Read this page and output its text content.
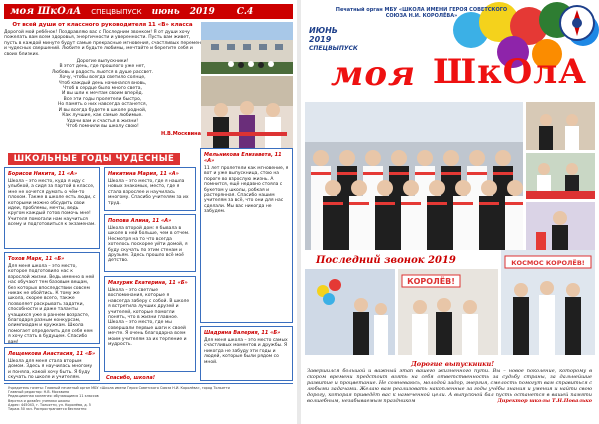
моя ШкОлА СПЕЦВЫПУСК июнь 2019 С.4
От всей души от классного руководителя 11 «В» класса

Дорогой мой ребёнок! Поздравляю вас с Последним звонком! Я от души хочу пожелать вам всем здоровья, энергичности и уверенности. Пусть вам живет, пусть в каждой минуте будут самые прекрасные мгновения, счастливых перемен и чудесных свершений. Любите и будьте любимы, мечтайте и берегите себя и своих близких.

Дорогие выпускники!
В этот день, где прошлого уже нет,
Любовь и радость льются в душе рассвет.
Хочу, чтобы всегда светило солнце,
Чтоб каждый день начинался вновь,
Чтоб в сердце было много света,
И вы шли к мечтам своим вперёд.
Все эти годы пролетели быстро,
Но память о них навсегда останется,
И вы всегда будете в школе родной,
Как лучшие, как самые любимые.
Удачи вам и счастья в жизни!
Чтоб помнили вы школу свою!
Н.В.Москвина
ШКОЛЬНЫЕ ГОДЫ ЧУДЕСНЫЕ
Борисов Никита, 11 «А»

Школа – это место, куда я иду с улыбкой, а сидя за партой в классе, мне не хочется думать о чём-то плохом. Также в школе есть люди, с которыми можно обсудить свои идеи, проблемы, мечты, ведь кругом каждый готов помочь мне! Учителя помогали нам научиться всему и подготовиться к экзаменам.

Тохов Марк, 11 «Б»

Для меня школа – это место, которое подготовило нас к взрослой жизни. Ведь именно в ней нас обучают тем базовым вещам, без которых впоследствии совсем никак не обойтись. К тому же школа, скорее всего, также позволяет раскрывать задатки, способности и даже таланты учащихся уже в раннем возрасте, благодаря разным конкурсам, олимпиадам и кружкам. Школа помогает определить для себя кем я хочу стать в будущем. Спасибо вам!

Лещенкова Анастасия, 11 «Б»

Школа для меня стала вторым домом. Здесь я научилась многому и поняла, какой хочу быть. Я буду скучать по школе и учителям.

Никитина Мария, 11 «А»

Школа – это место, где я нашла новых знакомых, место, где я стала взрослее и научилась многому. Спасибо учителям за их труд.

Попова Алина, 11 «А»

Школа второй дом: я бывала в школе в ней больше, чем в отчем. Несмотря на то что всегда хотелось поскорее уйти домой, я буду скучать по этим стенам и друзьям. Здесь прошло всё моё детство.

Мазурик Екатерина, 11 «Б»

Школа – это светлые воспоминания, которые я навсегда заберу с собой. В школе я встретила лучших друзей и учителей, которые помогли понять, что в жизни главное. Школа – это место, где мы совершали первые шаги к своей мечте. Я очень благодарна всем моим учителям за их терпение и мудрость.

Мельникова Елизавета, 11 «А»

11 лет пролетели как мгновение, я вот и уже выпускница, стою на пороге во взрослую жизнь. А помнится, ещё недавно стояла с букетом у школы, робкая и растерянная. Спасибо нашим учителям за всё, что они для нас сделали. Мы вас никогда не забудем.

Шадрина Валерия, 11 «Б»

Для меня школа – это место самых счастливых моментов и дружбы. Я никогда не забуду эти годы и людей, которые были рядом со мной.

Спасибо, школа!
Учредитель газеты: Главный печатный орган МБУ «Школа имени Героя Советского Союза Н.И. Королёва», город Тольятти
Главный редактор: Н.В. Москвина
Редакционная коллегия: обучающиеся 11 классов
Верстка и дизайн: ученики школы
Адрес: 445043, г. Тольятти, ул. Королёва, д. 5
Тираж 50 экз. Распространяется бесплатно
Печатный орган МБУ «ШКОЛА ИМЕНИ ГЕРОЯ СОВЕТСКОГО СОЮЗА Н.И. КОРОЛЁВА»
ИЮНЬ
2019
СПЕЦВЫПУСК
моя ШкОлА
Последний звонок 2019
КОРОЛЁВ!
КОСМОС КОРОЛЁВ!
Дорогие выпускники!
Завершился большой и важный этап вашего жизненного пути. Вы – новое поколение, которому в скором времени предстоит взять на себя ответственность за судьбу страны, за дальнейшие развитие и процветание. Не сомневаюсь, молодой задор, энергия, смелость помогут вам справиться с любыми задачами. Желаю вам реализовать накопленные за годы учёбы знания и умения и найти свою дорогу, которая приведёт вас к намеченной цели. А выпускной бал пусть останется в вашей памяти волшебным, незабываемым праздником	Директор школы Т.Н.Повалько
